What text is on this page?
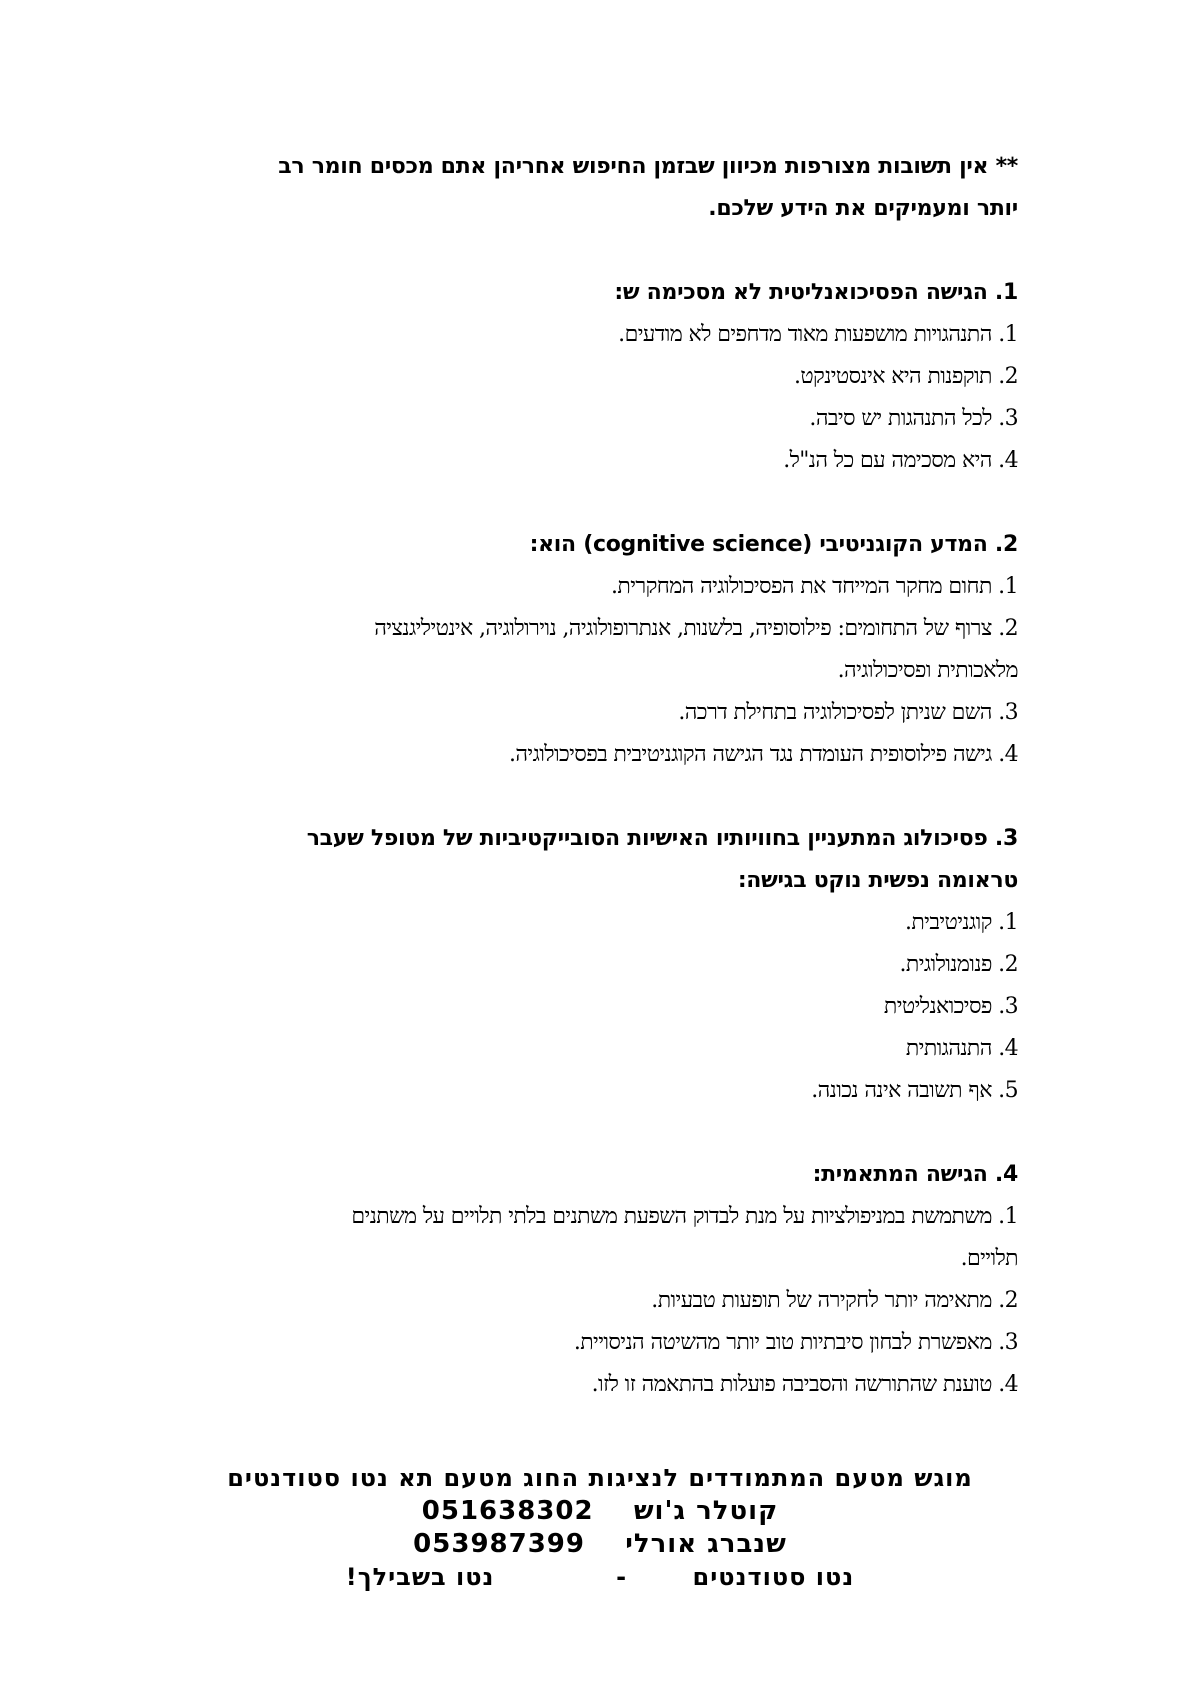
** אין תשובות מצורפות מכיוון שבזמן החיפוש אחריהן אתם מכסים חומר רב
יותר ומעמיקים את הידע שלכם.
1. הגישה הפסיכואנליטית לא מסכימה ש:
1. התנהגויות מושפעות מאוד מדחפים לא מודעים.
2. תוקפנות היא אינסטינקט.
3. לכל התנהגות יש סיבה.
4. היא מסכימה עם כל הנ"ל.
2. המדע הקוגניטיבי (cognitive science) הוא:
1. תחום מחקר המייחד את הפסיכולוגיה המחקרית.
2. צרוף של התחומים: פילוסופיה, בלשנות, אנתרופולוגיה, נוירולוגיה, אינטיליגנציה
מלאכותית ופסיכולוגיה.
3. השם שניתן לפסיכולוגיה בתחילת דרכה.
4. גישה פילוסופית העומדת נגד הגישה הקוגניטיבית בפסיכולוגיה.
3. פסיכולוג המתעניין בחוויותיו האישיות הסובייקטיביות של מטופל שעבר
טראומה נפשית נוקט בגישה:
1. קוגניטיבית.
2. פנומנולוגית.
3. פסיכואנליטית
4. התנהגותית
5. אף תשובה אינה נכונה.
4. הגישה המתאמית:
1. משתמשת במניפולציות על מנת לבדוק השפעת משתנים בלתי תלויים על משתנים
תלויים.
2. מתאימה יותר לחקירה של תופעות טבעיות.
3. מאפשרת לבחון סיבתיות טוב יותר מהשיטה הניסויית.
4. טוענת שהתורשה והסביבה פועלות בהתאמה זו לזו.
מוגש מטעם המתמודדים לנציגות החוג מטעם תא נטו סטודנטים
קוטלר ג'וש    051638302
שנברג אורלי    053987399
נטו סטודנטים       -             נטו בשבילך!
